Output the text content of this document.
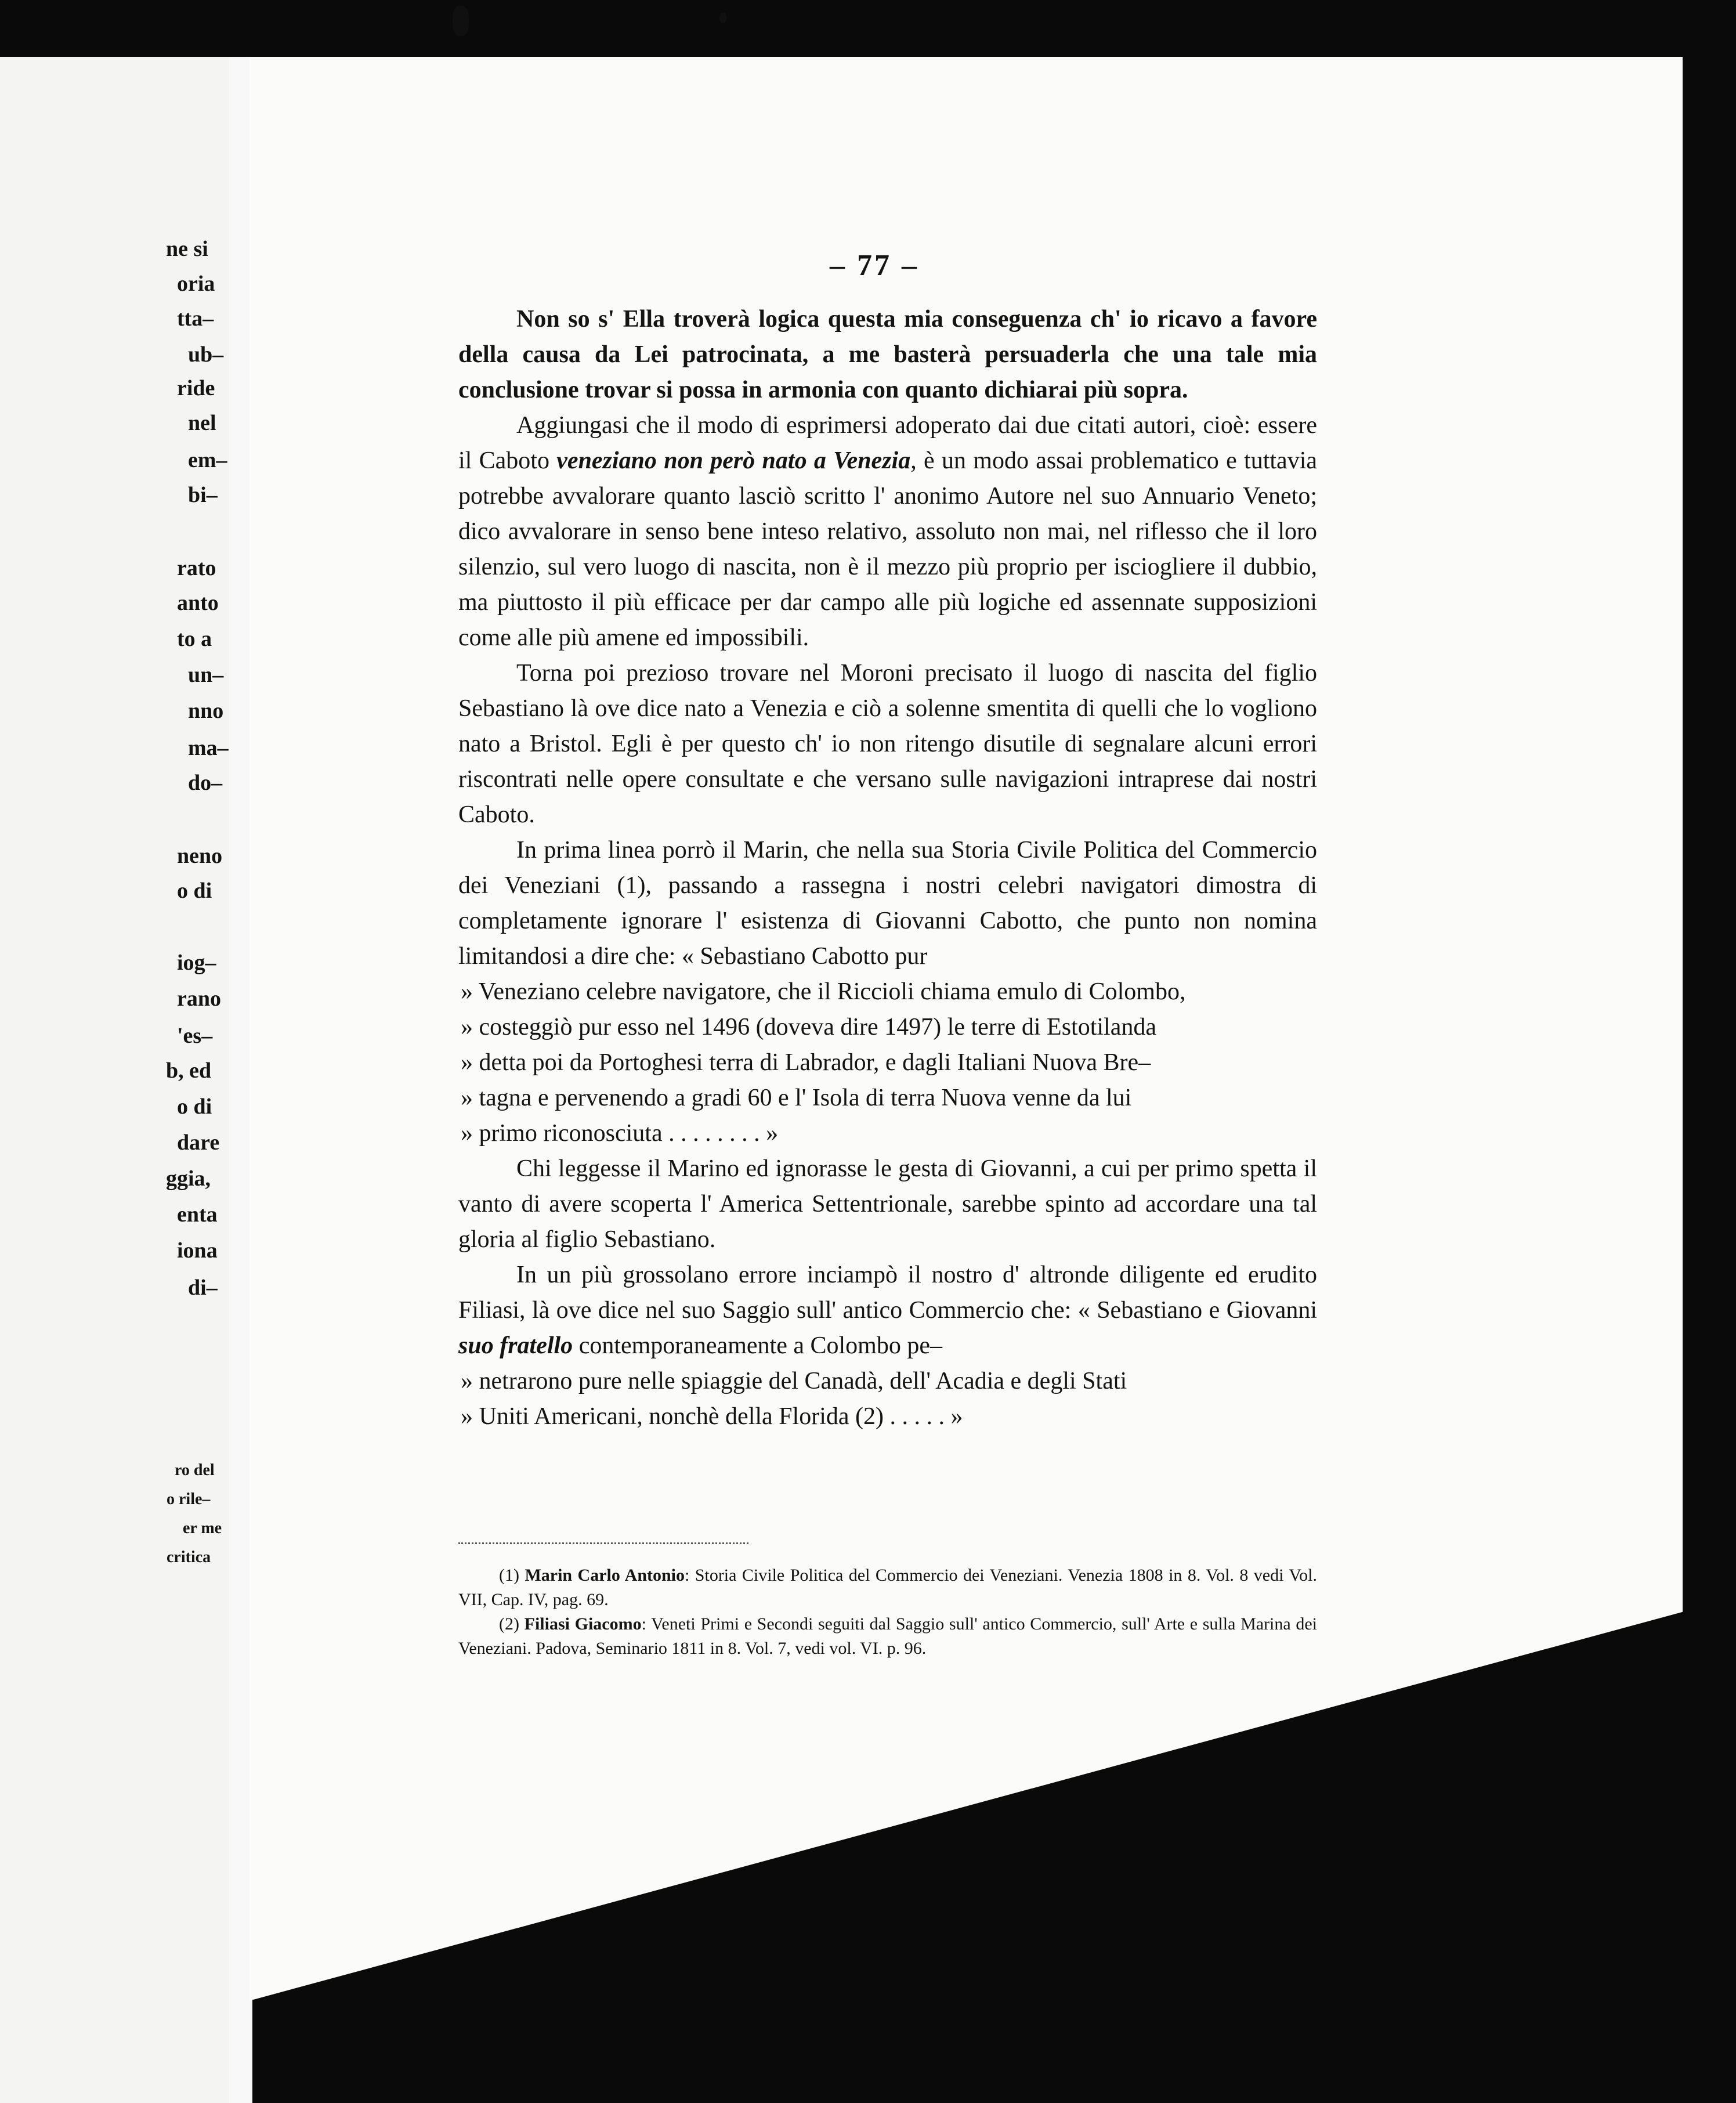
ne si
oria
tta–
ub–
ride
nel
em–
bi–
rato
anto
to a
un–
nno
ma–
do–
neno
o di
iog–
rano
'es–
b, ed
o di
dare
ggia,
enta
iona
di–
ro del
o rile–
er me
critica
– 77 –

Non so s' Ella troverà logica questa mia conseguenza ch' io ricavo a favore della causa da Lei patrocinata, a me basterà persuaderla che una tale mia conclusione trovar si possa in armonia con quanto dichiarai più sopra.

Aggiungasi che il modo di esprimersi adoperato dai due citati autori, cioè: essere il Caboto veneziano non però nato a Venezia, è un modo assai problematico e tuttavia potrebbe avvalorare quanto lasciò scritto l' anonimo Autore nel suo Annuario Veneto; dico avvalorare in senso bene inteso relativo, assoluto non mai, nel riflesso che il loro silenzio, sul vero luogo di nascita, non è il mezzo più proprio per isciogliere il dubbio, ma piuttosto il più efficace per dar campo alle più logiche ed assennate supposizioni come alle più amene ed impossibili.

Torna poi prezioso trovare nel Moroni precisato il luogo di nascita del figlio Sebastiano là ove dice nato a Venezia e ciò a solenne smentita di quelli che lo vogliono nato a Bristol. Egli è per questo ch' io non ritengo disutile di segnalare alcuni errori riscontrati nelle opere consultate e che versano sulle navigazioni intraprese dai nostri Caboto.

In prima linea porrò il Marin, che nella sua Storia Civile Politica del Commercio dei Veneziani (1), passando a rassegna i nostri celebri navigatori dimostra di completamente ignorare l' esistenza di Giovanni Cabotto, che punto non nomina limitandosi a dire che: « Sebastiano Cabotto pur

» Veneziano celebre navigatore, che il Riccioli chiama emulo di Colombo,

» costeggiò pur esso nel 1496 (doveva dire 1497) le terre di Estotilanda

» detta poi da Portoghesi terra di Labrador, e dagli Italiani Nuova Bre–

» tagna e pervenendo a gradi 60 e l' Isola di terra Nuova venne da lui

» primo riconosciuta . . . . . . . . »

Chi leggesse il Marino ed ignorasse le gesta di Giovanni, a cui per primo spetta il vanto di avere scoperta l' America Settentrionale, sarebbe spinto ad accordare una tal gloria al figlio Sebastiano.

In un più grossolano errore inciampò il nostro d' altronde diligente ed erudito Filiasi, là ove dice nel suo Saggio sull' antico Commercio che: « Sebastiano e Giovanni suo fratello contemporaneamente a Colombo pe–

» netrarono pure nelle spiaggie del Canadà, dell' Acadia e degli Stati

» Uniti Americani, nonchè della Florida (2) . . . . . »

(1) Marin Carlo Antonio: Storia Civile Politica del Commercio dei Veneziani. Venezia 1808 in 8. Vol. 8 vedi Vol. VII, Cap. IV, pag. 69.

(2) Filiasi Giacomo: Veneti Primi e Secondi seguiti dal Saggio sull' antico Commercio, sull' Arte e sulla Marina dei Veneziani. Padova, Seminario 1811 in 8. Vol. 7, vedi vol. VI. p. 96.
